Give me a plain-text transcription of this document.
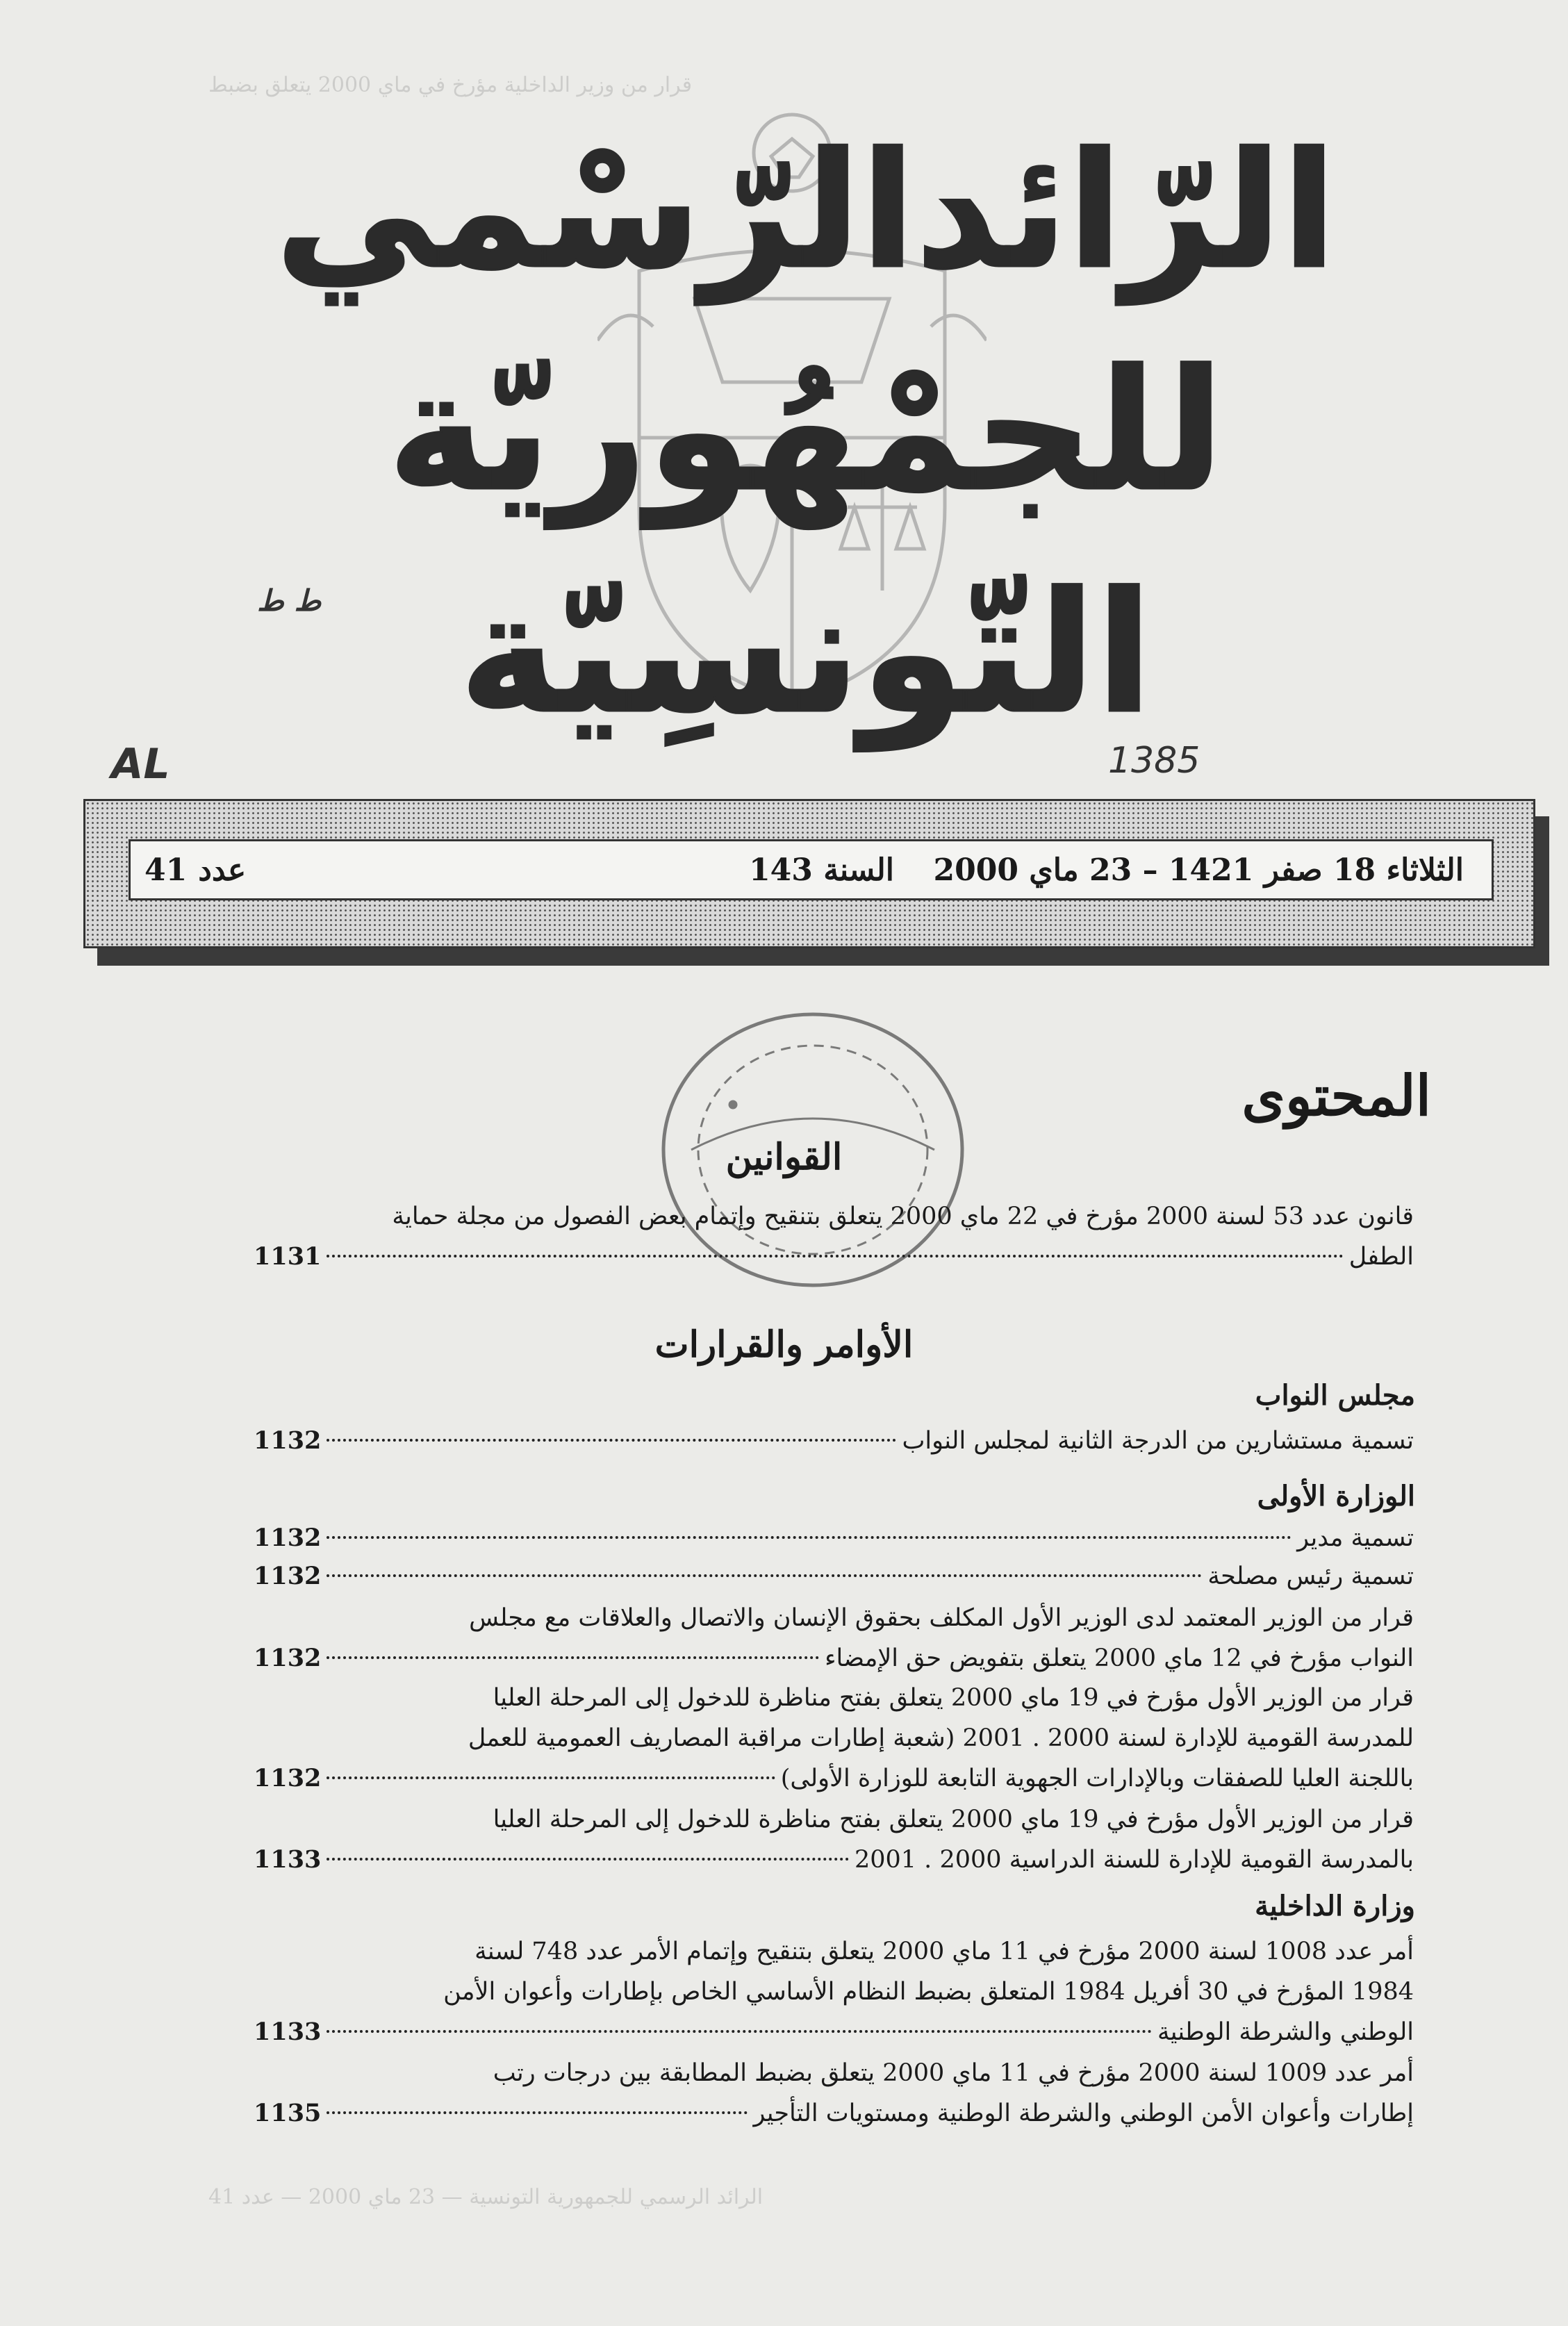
الرّائدالرّسْمي
للجمْهُوريّة التّونسِيّة
ط ط
AL	1385
الثلاثاء 18 صفر 1421 – 23 ماي 2000
السنة 143
عدد
41
قرار من وزير الداخلية مؤرخ في ماي 2000 يتعلق بضبط
الرائد الرسمي للجمهورية التونسية — 23 ماي 2000 — عدد 41
المحتوى
القوانين
قانون عدد 53 لسنة 2000 مؤرخ في 22 ماي 2000 يتعلق بتنقيح وإتمام بعض الفصول من مجلة حماية
الطفل
1131
الأوامر والقرارات
مجلس النواب
تسمية مستشارين من الدرجة الثانية لمجلس النواب
1132
الوزارة الأولى
تسمية مدير
1132
تسمية رئيس مصلحة
1132
قرار من الوزير المعتمد لدى الوزير الأول المكلف بحقوق الإنسان والاتصال والعلاقات مع مجلس
النواب مؤرخ في 12 ماي 2000 يتعلق بتفويض حق الإمضاء
1132
قرار من الوزير الأول مؤرخ في 19 ماي 2000 يتعلق بفتح مناظرة للدخول إلى المرحلة العليا
للمدرسة القومية للإدارة لسنة 2000 . 2001 (شعبة إطارات مراقبة المصاريف العمومية للعمل
باللجنة العليا للصفقات وبالإدارات الجهوية التابعة للوزارة الأولى)
1132
قرار من الوزير الأول مؤرخ في 19 ماي 2000 يتعلق بفتح مناظرة للدخول إلى المرحلة العليا
بالمدرسة القومية للإدارة للسنة الدراسية 2000 . 2001
1133
وزارة الداخلية
أمر عدد 1008 لسنة 2000 مؤرخ في 11 ماي 2000 يتعلق بتنقيح وإتمام الأمر عدد 748 لسنة
1984 المؤرخ في 30 أفريل 1984 المتعلق بضبط النظام الأساسي الخاص بإطارات وأعوان الأمن
الوطني والشرطة الوطنية
1133
أمر عدد 1009 لسنة 2000 مؤرخ في 11 ماي 2000 يتعلق بضبط المطابقة بين درجات رتب
إطارات وأعوان الأمن الوطني والشرطة الوطنية ومستويات التأجير
1135
